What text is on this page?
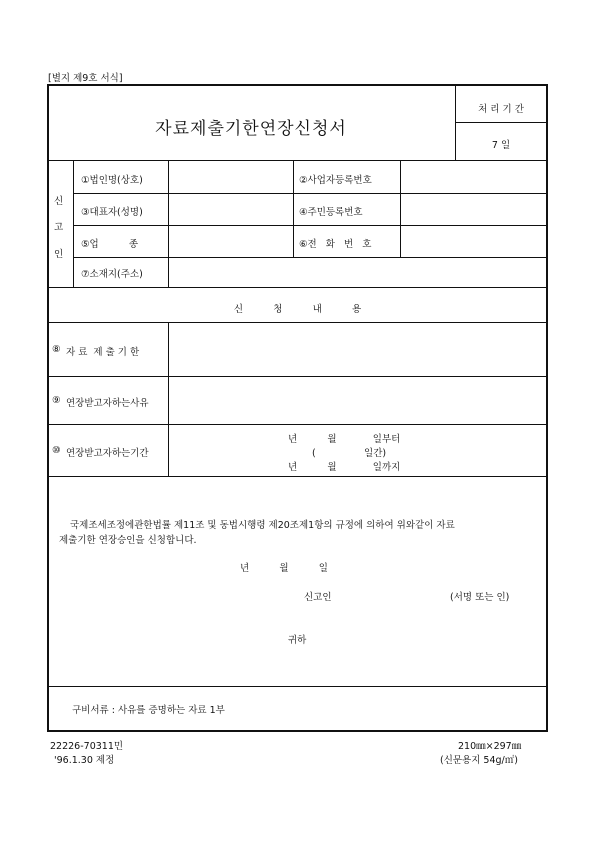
[별지 제9호 서식]
자료제출기한연장신청서
처 리 기 간
7 일
신
고
인
①법인명(상호)	②사업자등록번호
③대표자(성명)	④주민등록번호
⑤업          종	⑥전   화   번   호
⑦소재지(주소)
신          청          내          용
⑧ 자 료  제 출 기 한
⑨ 연장받고자하는사유
⑩ 연장받고자하는기간
년          월            일부터
(                일간)
년          월            일까지
국제조세조정에관한법률 제11조 및 동법시행령 제20조제1항의 규정에 의하여 위와같이 자료
제출기한 연장승인을 신청합니다.
년          월          일
신고인	(서명 또는 인)
귀하
구비서류 : 사유를 증명하는 자료 1부
22226-70311민
'96.1.30 제정
210㎜×297㎜
(신문용지 54g/㎡)
